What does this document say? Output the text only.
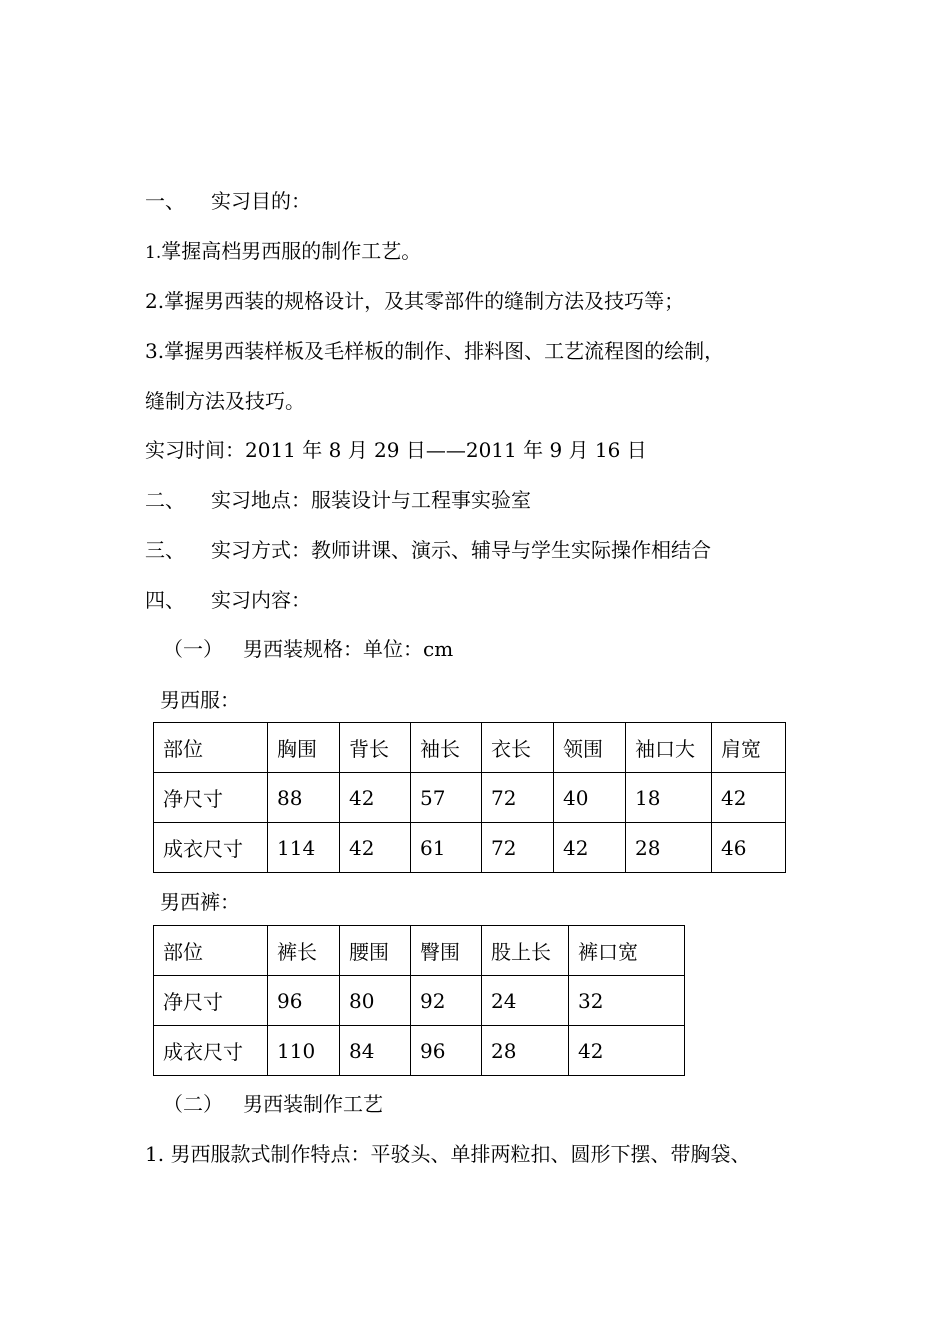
一、 实习目的：
1.掌握高档男西服的制作工艺。
2.掌握男西装的规格设计，及其零部件的缝制方法及技巧等；
3.掌握男西装样板及毛样板的制作、排料图、工艺流程图的绘制，
缝制方法及技巧。
实习时间：2011 年 8 月 29 日——2011 年 9 月 16 日
二、 实习地点：服装设计与工程事实验室
三、 实习方式：教师讲课、演示、辅导与学生实际操作相结合
四、 实习内容：
（一） 男西装规格：单位：cm
男西服：
部位	胸围	背长	袖长	衣长	领围	袖口大	肩宽
净尺寸	88	42	57	72	40	18	42
成衣尺寸	114	42	61	72	42	28	46
男西裤：
部位	裤长	腰围	臀围	股上长	裤口宽
净尺寸	96	80	92	24	32
成衣尺寸	110	84	96	28	42
（二） 男西装制作工艺
1. 男西服款式制作特点：平驳头、单排两粒扣、圆形下摆、带胸袋、
